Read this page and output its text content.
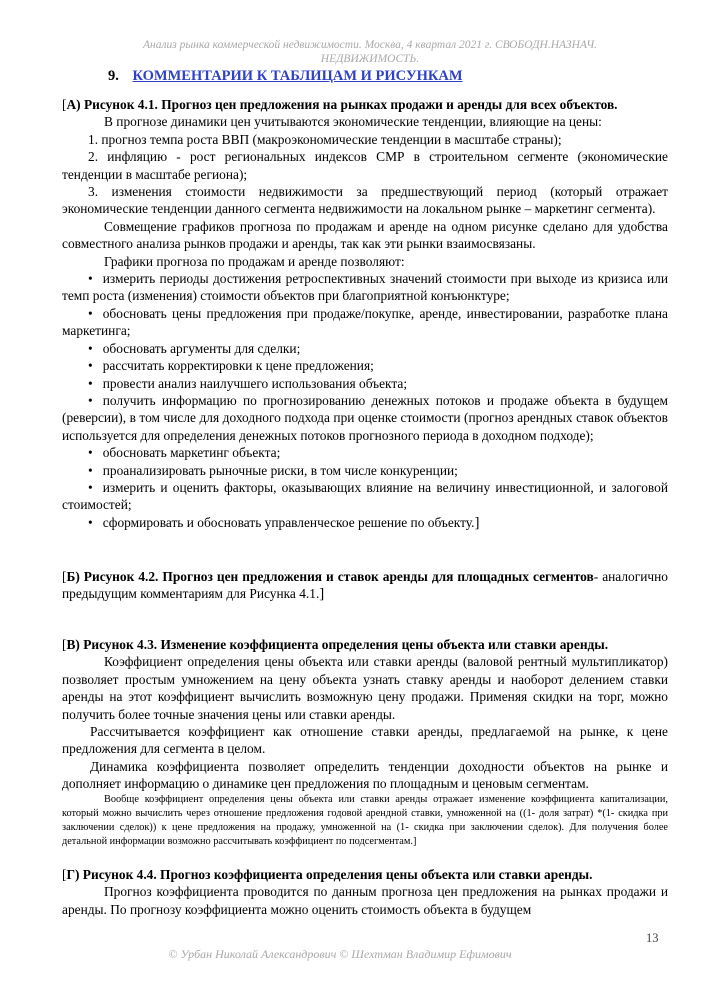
Анализ рынка коммерческой недвижимости. Москва, 4 квартал 2021 г. СВОБОДН.НАЗНАЧ.
НЕДВИЖИМОСТЬ.
9. КОММЕНТАРИИ К ТАБЛИЦАМ И РИСУНКАМ

[А) Рисунок 4.1. Прогноз цен предложения на рынках продажи и аренды для всех объектов.

В прогнозе динамики цен учитываются экономические тенденции, влияющие на цены:

1. прогноз темпа роста ВВП (макроэкономические тенденции в масштабе страны);

2. инфляцию - рост региональных индексов СМР в строительном сегменте (экономические тенденции в масштабе региона);

3. изменения стоимости недвижимости за предшествующий период (который отражает экономические тенденции данного сегмента недвижимости на локальном рынке – маркетинг сегмента).

Совмещение графиков прогноза по продажам и аренде на одном рисунке сделано для удобства совместного анализа рынков продажи и аренды, так как эти рынки взаимосвязаны.

Графики прогноза по продажам и аренде позволяют:

• измерить периоды достижения ретроспективных значений стоимости при выходе из кризиса или темп роста (изменения) стоимости объектов при благоприятной конъюнктуре;

• обосновать цены предложения при продаже/покупке, аренде, инвестировании, разработке плана маркетинга;

• обосновать аргументы для сделки;

• рассчитать корректировки к цене предложения;

• провести анализ наилучшего использования объекта;

• получить информацию по прогнозированию денежных потоков и продаже объекта в будущем (реверсии), в том числе для доходного подхода при оценке стоимости (прогноз арендных ставок объектов используется для определения денежных потоков прогнозного периода в доходном подходе);

• обосновать маркетинг объекта;

• проанализировать рыночные риски, в том числе конкуренции;

• измерить и оценить факторы, оказывающих влияние на величину инвестиционной, и залоговой стоимостей;

• сформировать и обосновать управленческое решение по объекту.]

[Б) Рисунок 4.2. Прогноз цен предложения и ставок аренды для площадных сегментов- аналогично предыдущим комментариям для Рисунка 4.1.]

[В) Рисунок 4.3. Изменение коэффициента определения цены объекта или ставки аренды.

Коэффициент определения цены объекта или ставки аренды (валовой рентный мультипликатор) позволяет простым умножением на цену объекта узнать ставку аренды и наоборот делением ставки аренды на этот коэффициент вычислить возможную цену продажи. Применяя скидки на торг, можно получить более точные значения цены или ставки аренды.

Рассчитывается коэффициент как отношение ставки аренды, предлагаемой на рынке, к цене предложения для сегмента в целом.

Динамика коэффициента позволяет определить тенденции доходности объектов на рынке и дополняет информацию о динамике цен предложения по площадным и ценовым сегментам.

Вообще коэффициент определения цены объекта или ставки аренды отражает изменение коэффициента капитализации, который можно вычислить через отношение предложения годовой арендной ставки, умноженной на ((1- доля затрат) *(1- скидка при заключении сделок)) к цене предложения на продажу, умноженной на (1- скидка при заключении сделок). Для получения более детальной информации возможно рассчитывать коэффициент по подсегментам.]

[Г) Рисунок 4.4. Прогноз коэффициента определения цены объекта или ставки аренды.

Прогноз коэффициента проводится по данным прогноза цен предложения на рынках продажи и аренды. По прогнозу коэффициента можно оценить стоимость объекта в будущем

13
© Урбан Николай Александрович © Шехтман Владимир Ефимович
